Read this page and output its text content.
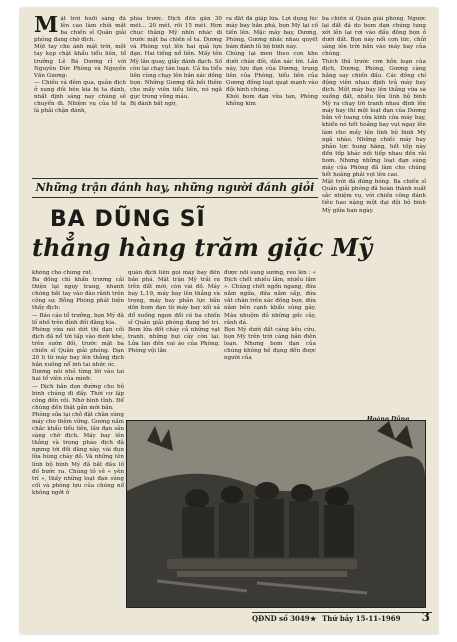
Mặt trời buổi sáng đã lên cao làm chói mắt ba chiến sĩ Quân giải phóng đang chờ địch.
Một tay che ánh mặt trời, một tay kẹp chặt khẩu tiểu liên, tổ trưởng Lê Bá Dương rỉ với Nguyễn Đức Phòng và Nguyễn Văn Gương:
— Chiều và đêm qua, quân địch ở xung đồi bên kia bị ta đánh, nhất định sáng nay chúng sẽ chuyển đi. Nhiệm vụ của tổ ta là phải chặn đánh,
phía trước. Địch đến gần 30 mét... 20 mét, rồi 15 mét. Hơn chục thằng Mỹ nhìn nhác đi trước mặt ba chiến sĩ ta. Dương và Phòng vụt lên hai quả lựu đạn. Hai tiếng nổ liên. Mấy tên Mỹ lăn quay, giãy đành đạch. Số còn lại chạy tán loạn. Cả ba tiểu liên cùng chạy lên bắn xác đồng bọn. Những Gương đã bồi thêm cho mấy viên tiểu liên, nó ngã gục trong vũng máu.
Bị đánh bất ngờ,
ra đất đã giập lửa. Lợi dụng lúc máy bay bắn phá, bọn Mỹ lại cố tiến lên. Mặc máy bay, Dương, Phòng, Gương nhắc nhau quyết bám đánh lũ bộ binh này.
Chúng lại men theo con khe dưới chân đồi, dẫn xác tới. Lần này, lựu đạn của Dương, trung liên của Phòng, tiểu liên của Gương đồng loạt quạt mạnh vào đội hình chúng.
Khói bom đạn vừa tan, Phòng không kim
ba chiến sĩ Quân giải phóng. Ngược lại đất đá do bom đạn chúng tung xới lên lại rơi vào đầu đồng bọn ở dưới đất. Bọn này nổi cơn tức, chửi sáng lên trời bắn vào máy bay của chúng.
Thích thú trước cơn hỗn loạn của địch, Dương, Phòng, Gương càng hăng say chiến đấu. Các đồng chí động viên nhau định trả máy bay địch. Một máy bay lên thẳng vừa sà xuống đất, nhiều tên lính bộ binh Mỹ ra chạy tới tranh nhau định lên máy bay thì một loạt đạn của Dương bắn vỡ toang cửa kính cửa máy bay, khiến nó hốt hoảng bay vụt ngay lên làm cho mấy tên lính bộ binh Mỹ ngã nhào. Những chiếc máy bay phản lực hung hăng, hết tốp này đến tốp khác nối tiếp nhau đến rải bom. Nhưng những loạt đạn súng máy của Phòng đã làm cho chúng hết hoảng phải vọt lên cao.
Mặt trời đã đứng bóng. Ba chiến sĩ Quân giải phóng đã hoàn thành xuất sắc nhiệm vụ, với chiến công đánh tiêu hao nặng một đại đội bộ binh Mỹ giữa ban ngày.
Những trận đánh hay, những người đánh giỏi
BA DŨNG SĨ
thẳng hàng trăm giặc Mỹ
không cho chúng rút.
Ba đồng chí khẩn trương cải thiện lại ngụy trang, nhanh chóng bắt tay vào đào rãnh trên công sự. Bỗng Phòng phát hiện thấy địch:
— Báo cáo tổ trưởng, bọn Mỹ đã lố nhố trên đỉnh đồi đằng kia.
Phòng vừa nói dứt thì đạn cối địch đã nổ tới tấp vào dưới khe, trên sườn đồi, trước mặt ba chiến sĩ Quân giải phóng. Đạn 20 li từ máy bay lên thẳng địch bắn xuống nổ inh tai nhức óc.
Dương nói nhỏ từng lời vào tai hai tổ viên của mình:
— Địch bắn dọn đường cho bộ binh chúng đi đấy. Thời cơ lập công đến rồi. Nhớ bình tĩnh. Để chúng đến thật gần mới bắn.
Phòng sửa lại chỗ đặt chân súng máy cho thêm vững. Gương nắm chắc khẩu tiểu liên, lần đạn sẵn sàng chờ địch. Máy bay lên thẳng và trọng pháo địch đã ngưng tới đồi đằng này, vài đụn lửa bùng cháy đỏ. Và những tên lính bộ binh Mỹ đã bắt đầu lố đố bước ra. Chúng tỏ vẻ « yên trí », thấy những loạt đạn súng cối và phòng lựu của chúng nổ không ngớt ở
quân địch liền gọi máy bay đến bắn phá. Mặt trận Mỹ trải ra trên đất mới, còn vài đồ. Máy bay L.19, máy bay lên thẳng và trọng, máy bay phản lực bắn dồn bom đạn từ máy bay xối xả đổ xuống ngọn đồi có ba chiến sĩ Quân giải phóng đang bố trí. Bom lửa đốt cháy cả những vạt tranh, những bụi cây còn lại. Lửa lan đến vai áo của Phòng. Phòng vội lăn
được nổi sung sướng, reo lên : « Địch chết nhiều lắm, nhiều lắm ». Chúng chết ngổn ngang, đứa nằm ngửa, đứa nằm sấp, đứa vắt chân trên xác đồng bọn, đứa nằm bên cạnh khẩu súng gãy. Máu nhuộm đỏ những gốc cây, rãnh đá.
Bọn Mỹ dưới đất cáng kêu cứu, bọn Mỹ trên trời càng bắn điên loạn. Nhưng bom đạn của chúng không hề đụng đến được người của
QĐND số 3049 ★ Thứ bảy 15-11-1969 3
